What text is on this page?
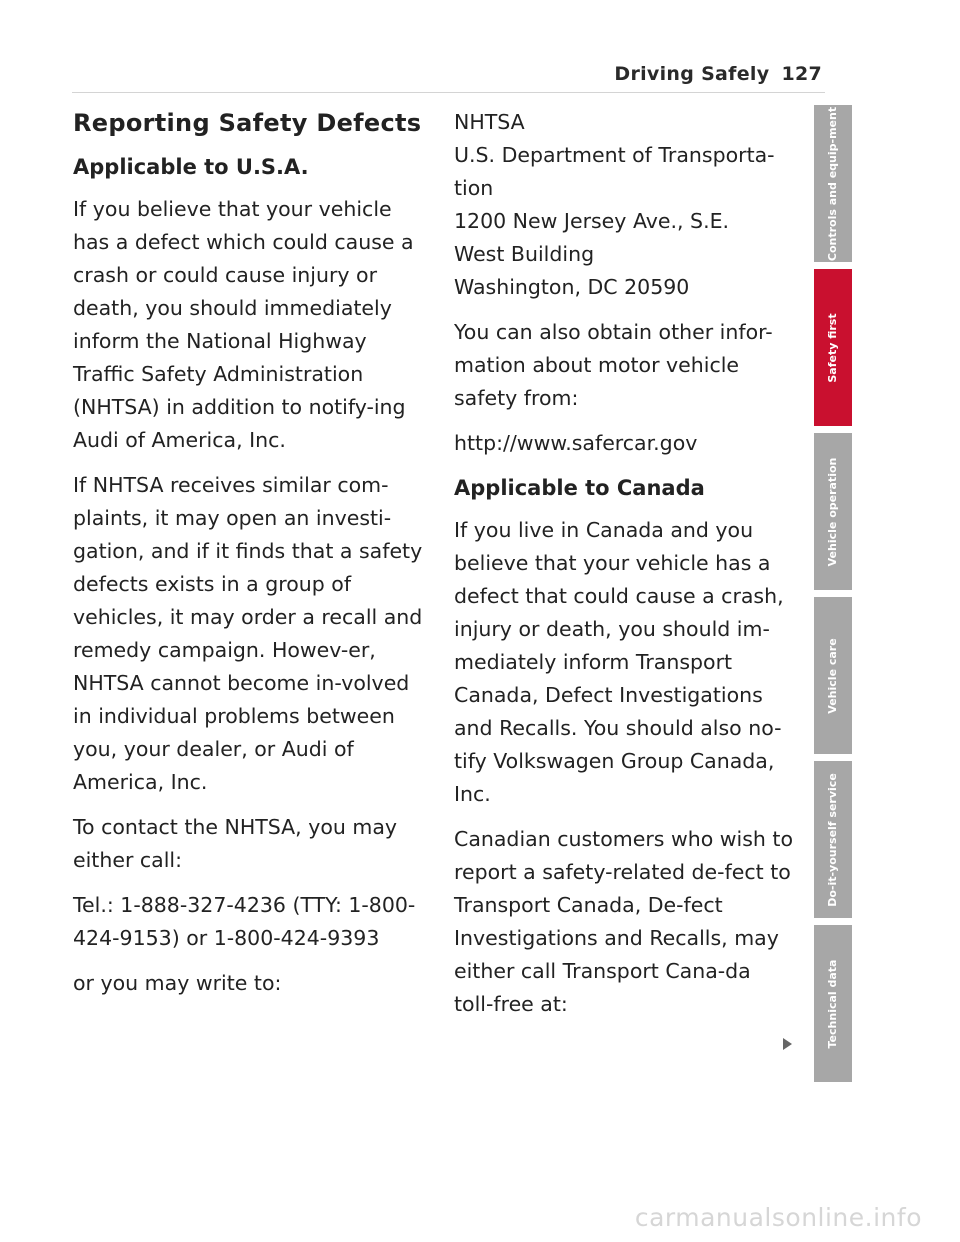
Driving Safely 127
Reporting Safety Defects
Applicable to U.S.A.

If you believe that your vehicle has a defect which could cause a crash or could cause injury or death, you should immediately inform the National Highway Traffic Safety Administration (NHTSA) in addition to notify-ing Audi of America, Inc.

If NHTSA receives similar com-plaints, it may open an investi-gation, and if it finds that a safety defects exists in a group of vehicles, it may order a recall and remedy campaign. Howev-er, NHTSA cannot become in-volved in individual problems between you, your dealer, or Audi of America, Inc.

To contact the NHTSA, you may either call:

Tel.: 1-888-327-4236 (TTY: 1-800-424-9153) or 1-800-424-9393

or you may write to:

NHTSA

U.S. Department of Transporta-tion

1200 New Jersey Ave., S.E.

West Building

Washington, DC 20590

You can also obtain other infor-mation about motor vehicle safety from:

http://www.safercar.gov

Applicable to Canada

If you live in Canada and you believe that your vehicle has a defect that could cause a crash, injury or death, you should im-mediately inform Transport Canada, Defect Investigations and Recalls. You should also no-tify Volkswagen Group Canada, Inc.

Canadian customers who wish to report a safety-related de-fect to Transport Canada, De-fect Investigations and Recalls, may either call Transport Cana-da toll-free at:

Controls and equip-ment
Safety first
Vehicle operation
Vehicle care
Do-it-yourself service
Technical data
carmanualsonline.info
